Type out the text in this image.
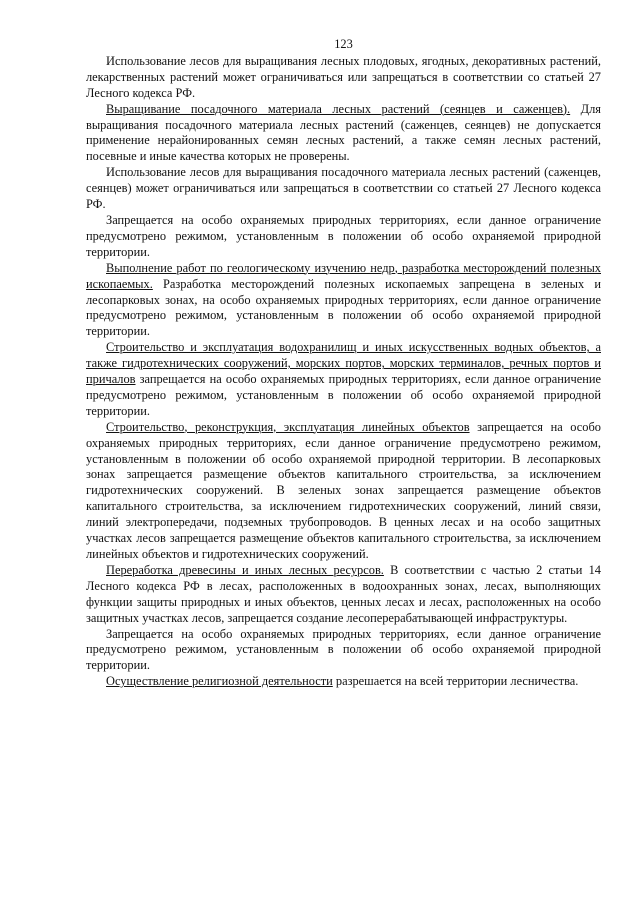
123

Использование лесов для выращивания лесных плодовых, ягодных, декоративных растений, лекарственных растений может ограничиваться или запрещаться в соответствии со статьей 27 Лесного кодекса РФ.

Выращивание посадочного материала лесных растений (сеянцев и саженцев). Для выращивания посадочного материала лесных растений (саженцев, сеянцев) не допускается применение нерайонированных семян лесных растений, а также семян лесных растений, посевные и иные качества которых не проверены.

Использование лесов для выращивания посадочного материала лесных растений (саженцев, сеянцев) может ограничиваться или запрещаться в соответствии со статьей 27 Лесного кодекса РФ.

Запрещается на особо охраняемых природных территориях, если данное ограничение предусмотрено режимом, установленным в положении об особо охраняемой природной территории.

Выполнение работ по геологическому изучению недр, разработка месторождений полезных ископаемых. Разработка месторождений полезных ископаемых запрещена в зеленых и лесопарковых зонах, на особо охраняемых природных территориях, если данное ограничение предусмотрено режимом, установленным в положении об особо охраняемой природной территории.

Строительство и эксплуатация водохранилищ и иных искусственных водных объектов, а также гидротехнических сооружений, морских портов, морских терминалов, речных портов и причалов запрещается на особо охраняемых природных территориях, если данное ограничение предусмотрено режимом, установленным в положении об особо охраняемой природной территории.

Строительство, реконструкция, эксплуатация линейных объектов запрещается на особо охраняемых природных территориях, если данное ограничение предусмотрено режимом, установленным в положении об особо охраняемой природной территории. В лесопарковых зонах запрещается размещение объектов капитального строительства, за исключением гидротехнических сооружений. В зеленых зонах запрещается размещение объектов капитального строительства, за исключением гидротехнических сооружений, линий связи, линий электропередачи, подземных трубопроводов. В ценных лесах и на особо защитных участках лесов запрещается размещение объектов капитального строительства, за исключением линейных объектов и гидротехнических сооружений.

Переработка древесины и иных лесных ресурсов. В соответствии с частью 2 статьи 14 Лесного кодекса РФ в лесах, расположенных в водоохранных зонах, лесах, выполняющих функции защиты природных и иных объектов, ценных лесах и лесах, расположенных на особо защитных участках лесов, запрещается создание лесоперерабатывающей инфраструктуры.

Запрещается на особо охраняемых природных территориях, если данное ограничение предусмотрено режимом, установленным в положении об особо охраняемой природной территории.

Осуществление религиозной деятельности разрешается на всей территории лесничества.
